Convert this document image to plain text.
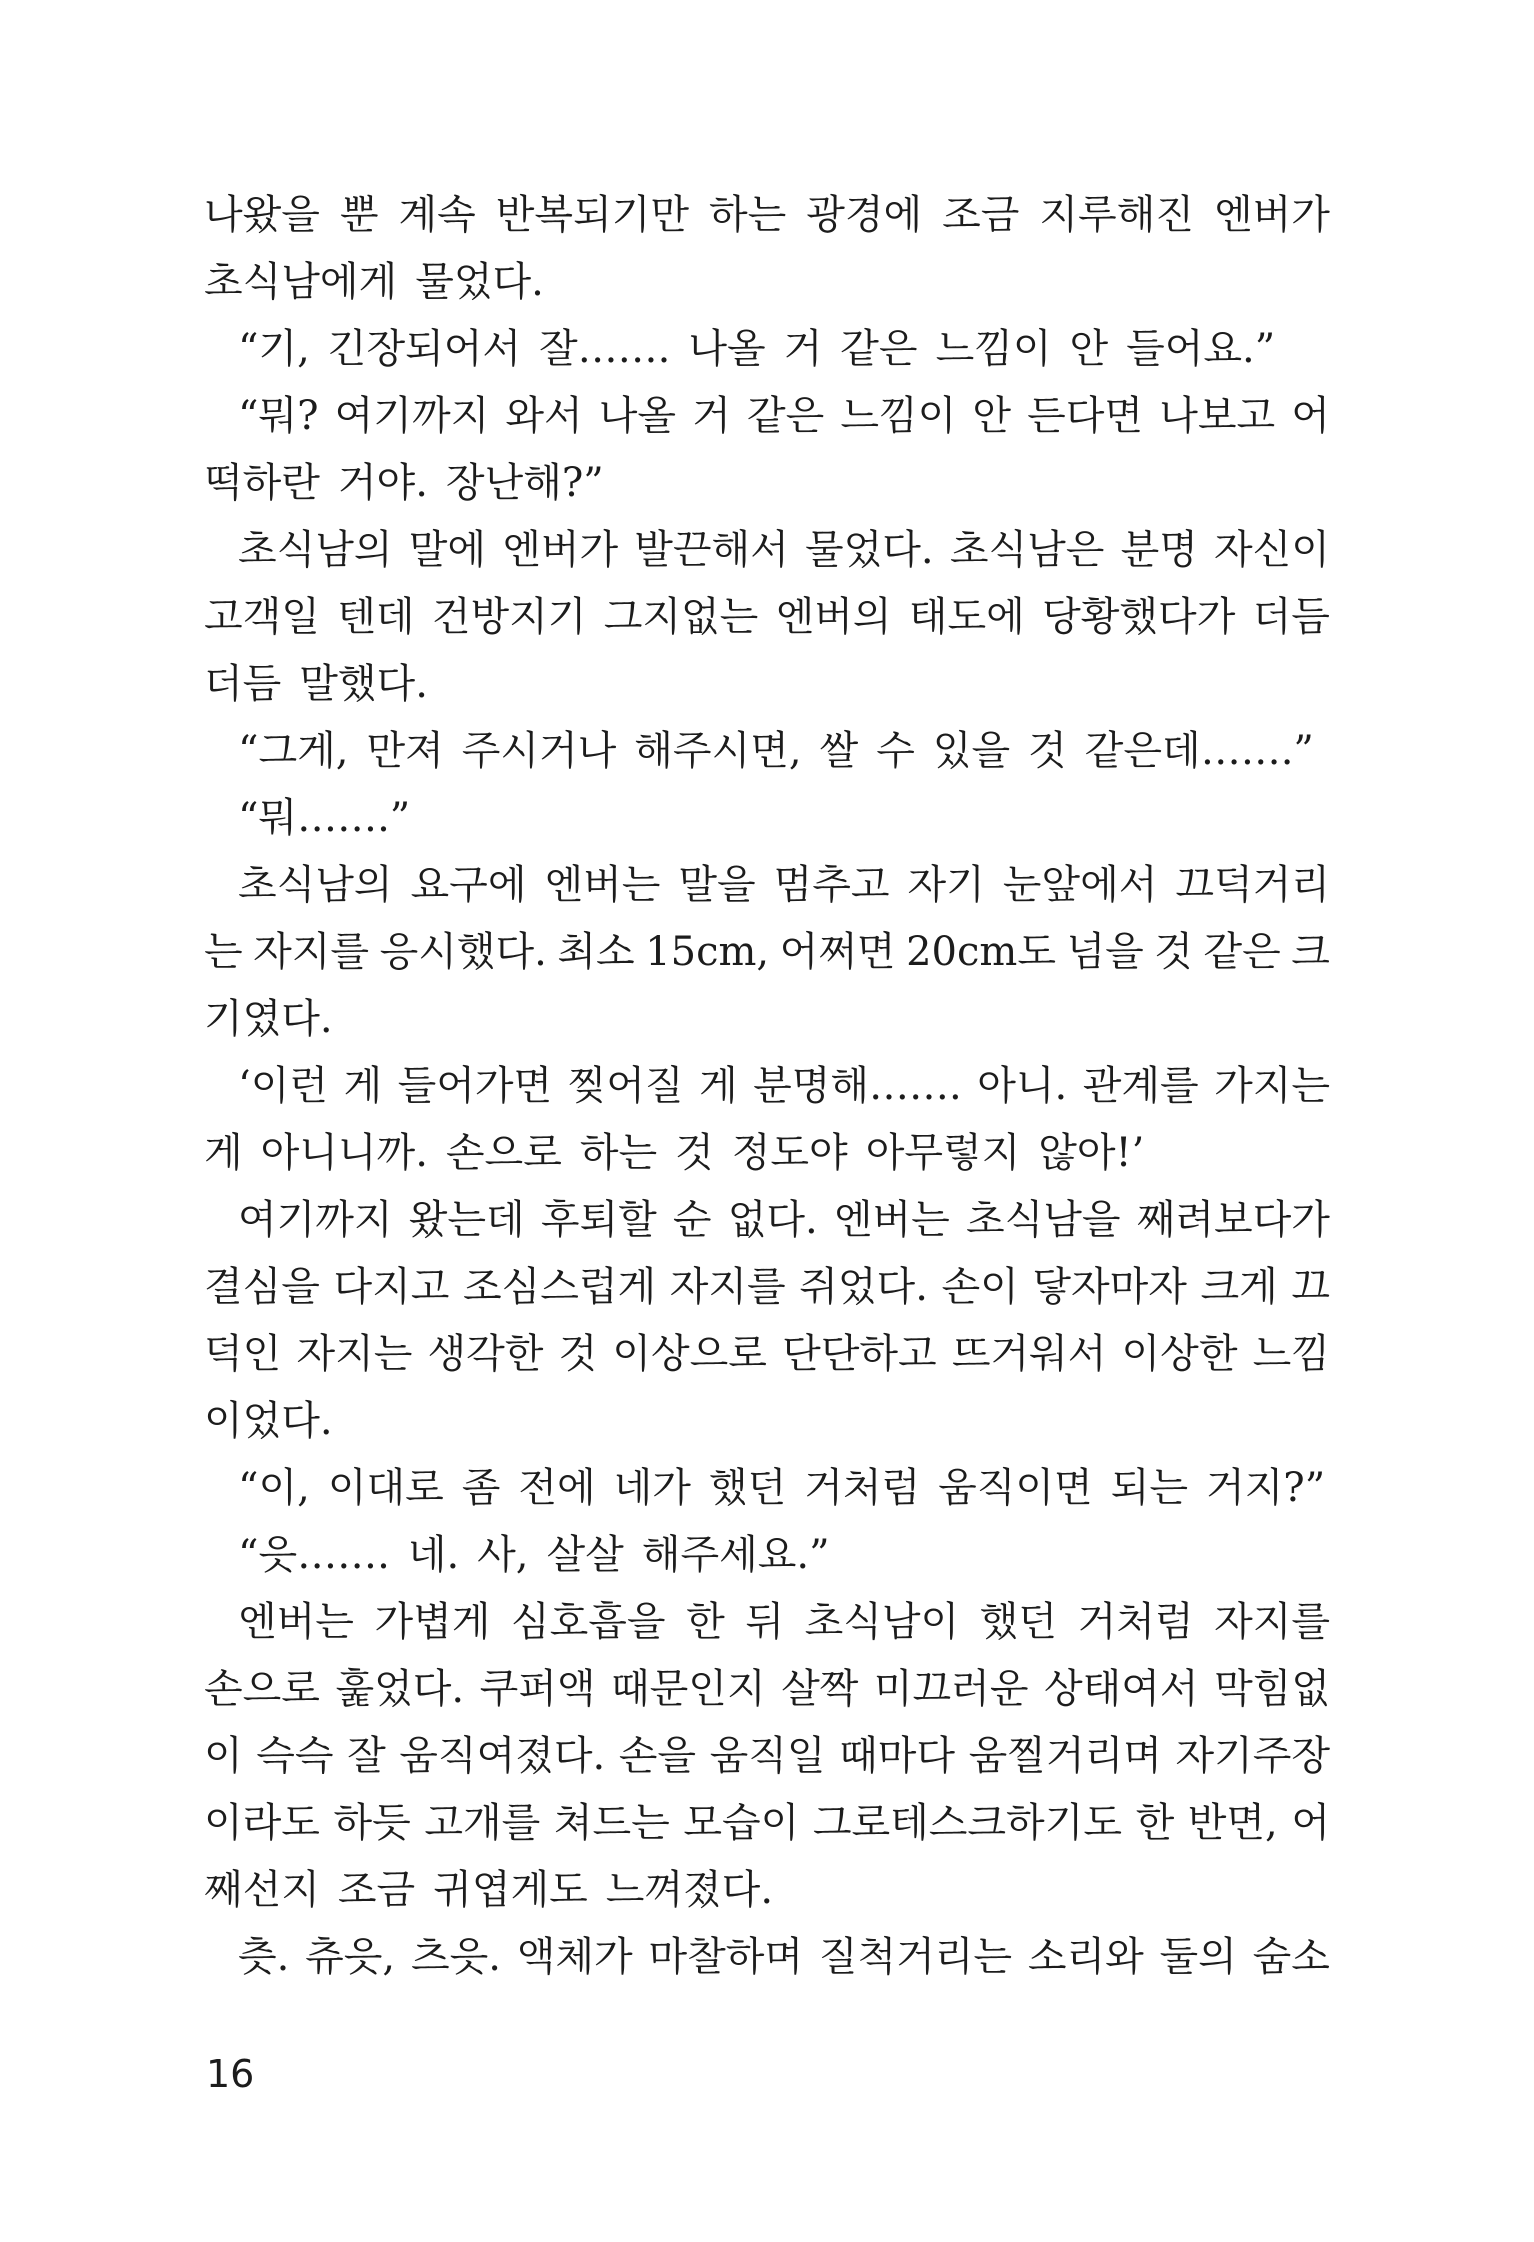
나왔을 뿐 계속 반복되기만 하는 광경에 조금 지루해진 엔버가
초식남에게 물었다.
“기, 긴장되어서 잘……. 나올 거 같은 느낌이 안 들어요.”
“뭐? 여기까지 와서 나올 거 같은 느낌이 안 든다면 나보고 어
떡하란 거야. 장난해?”
초식남의 말에 엔버가 발끈해서 물었다. 초식남은 분명 자신이
고객일 텐데 건방지기 그지없는 엔버의 태도에 당황했다가 더듬
더듬 말했다.
“그게, 만져 주시거나 해주시면, 쌀 수 있을 것 같은데…….”
“뭐…….”
초식남의 요구에 엔버는 말을 멈추고 자기 눈앞에서 끄덕거리
는 자지를 응시했다. 최소 15cm, 어쩌면 20cm도 넘을 것 같은 크
기였다.
‘이런 게 들어가면 찢어질 게 분명해……. 아니. 관계를 가지는
게 아니니까. 손으로 하는 것 정도야 아무렇지 않아!’
여기까지 왔는데 후퇴할 순 없다. 엔버는 초식남을 째려보다가
결심을 다지고 조심스럽게 자지를 쥐었다. 손이 닿자마자 크게 끄
덕인 자지는 생각한 것 이상으로 단단하고 뜨거워서 이상한 느낌
이었다.
“이, 이대로 좀 전에 네가 했던 거처럼 움직이면 되는 거지?”
“읏……. 네. 사, 살살 해주세요.”
엔버는 가볍게 심호흡을 한 뒤 초식남이 했던 거처럼 자지를
손으로 훑었다. 쿠퍼액 때문인지 살짝 미끄러운 상태여서 막힘없
이 슥슥 잘 움직여졌다. 손을 움직일 때마다 움찔거리며 자기주장
이라도 하듯 고개를 쳐드는 모습이 그로테스크하기도 한 반면, 어
째선지 조금 귀엽게도 느껴졌다.
츳. 츄읏, 츠읏. 액체가 마찰하며 질척거리는 소리와 둘의 숨소
16
